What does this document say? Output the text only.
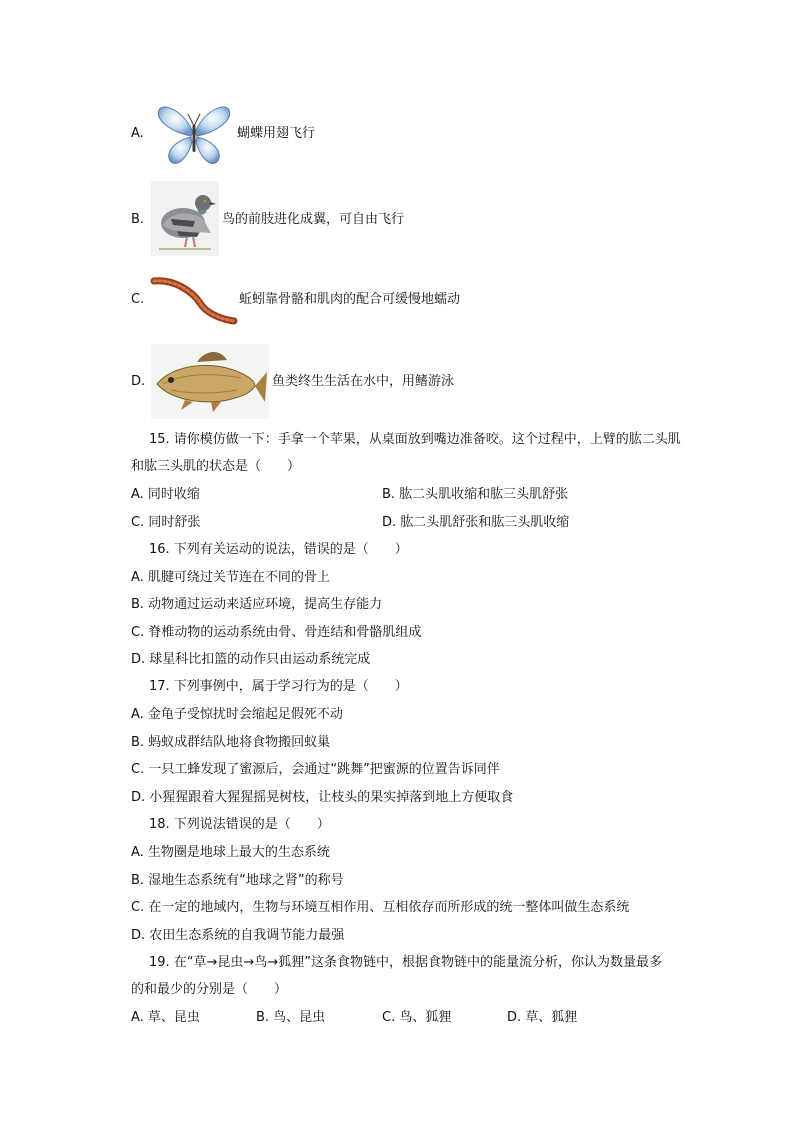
A.	蝴蝶用翅飞行
B.	鸟的前肢进化成翼，可自由飞行
C.	蚯蚓靠骨骼和肌肉的配合可缓慢地蠕动
D.	鱼类终生生活在水中，用鳍游泳
15. 请你模仿做一下：手拿一个苹果，从桌面放到嘴边准备咬。这个过程中，上臂的肱二头肌
和肱三头肌的状态是（　　）
A. 同时收缩	B. 肱二头肌收缩和肱三头肌舒张
C. 同时舒张	D. 肱二头肌舒张和肱三头肌收缩
16. 下列有关运动的说法，错误的是（　　）
A. 肌腱可绕过关节连在不同的骨上
B. 动物通过运动来适应环境，提高生存能力
C. 脊椎动物的运动系统由骨、骨连结和骨骼肌组成
D. 球星科比扣篮的动作只由运动系统完成
17. 下列事例中，属于学习行为的是（　　）
A. 金龟子受惊扰时会缩起足假死不动
B. 蚂蚁成群结队地将食物搬回蚁巢
C. 一只工蜂发现了蜜源后，会通过“跳舞”把蜜源的位置告诉同伴
D. 小猩猩跟着大猩猩摇晃树枝，让枝头的果实掉落到地上方便取食
18. 下列说法错误的是（　　）
A. 生物圈是地球上最大的生态系统
B. 湿地生态系统有“地球之肾”的称号
C. 在一定的地域内，生物与环境互相作用、互相依存而所形成的统一整体叫做生态系统
D. 农田生态系统的自我调节能力最强
19. 在“草→昆虫→鸟→狐狸”这条食物链中，根据食物链中的能量流分析，你认为数量最多
的和最少的分别是（　　）
A. 草、昆虫	B. 鸟、昆虫	C. 鸟、狐狸	D. 草、狐狸
